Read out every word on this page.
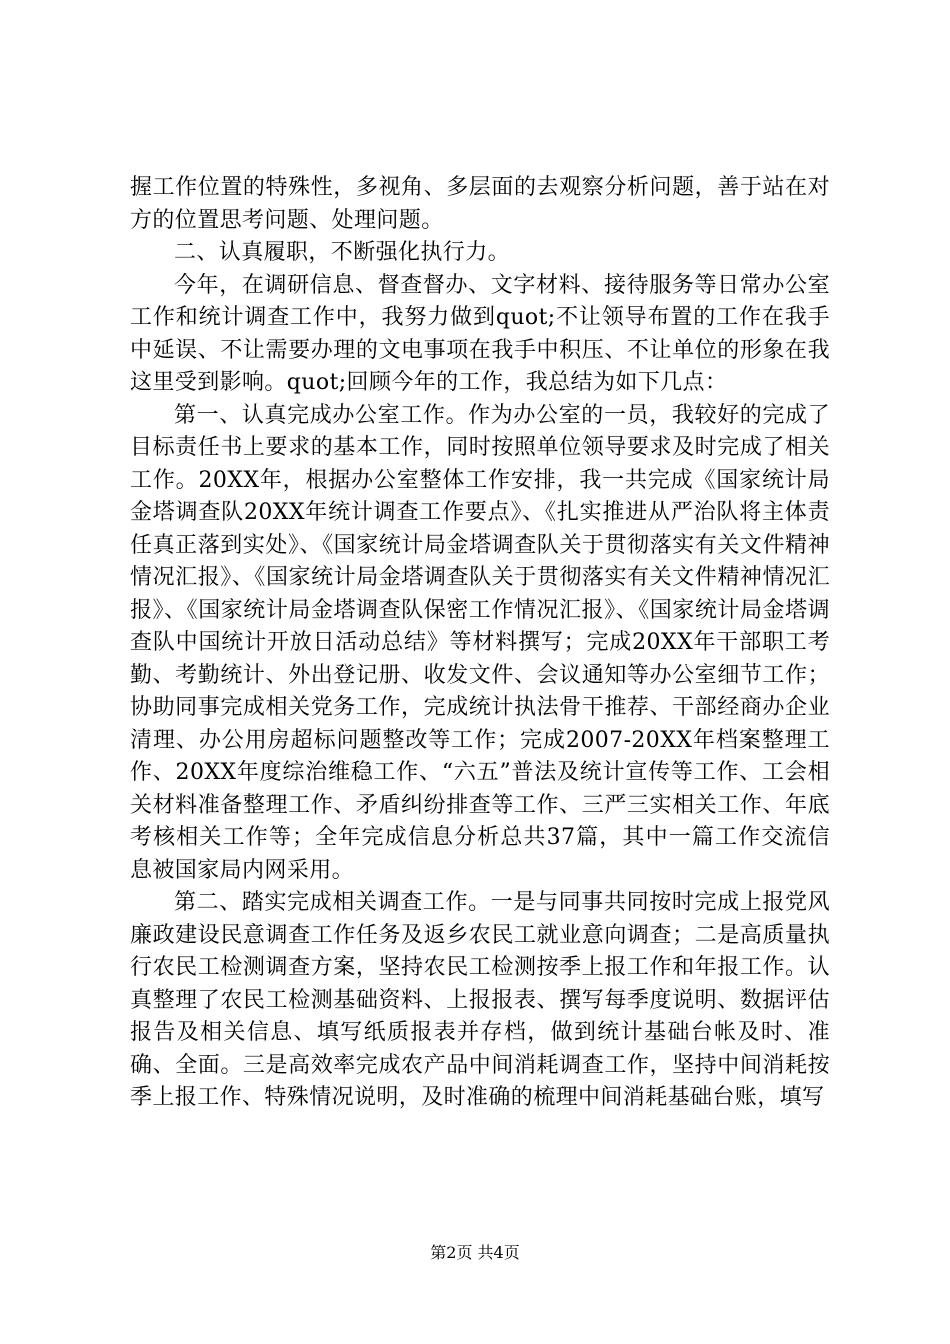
握工作位置的特殊性，多视角、多层面的去观察分析问题，善于站在对方的位置思考问题、处理问题。

二、认真履职，不断强化执行力。

今年，在调研信息、督查督办、文字材料、接待服务等日常办公室工作和统计调查工作中，我努力做到quot;不让领导布置的工作在我手中延误、不让需要办理的文电事项在我手中积压、不让单位的形象在我这里受到影响。quot;回顾今年的工作，我总结为如下几点：

第一、认真完成办公室工作。作为办公室的一员，我较好的完成了目标责任书上要求的基本工作，同时按照单位领导要求及时完成了相关工作。20XX年，根据办公室整体工作安排，我一共完成《国家统计局金塔调查队20XX年统计调查工作要点》、《扎实推进从严治队将主体责任真正落到实处》、《国家统计局金塔调查队关于贯彻落实有关文件精神情况汇报》、《国家统计局金塔调查队关于贯彻落实有关文件精神情况汇报》、《国家统计局金塔调查队保密工作情况汇报》、《国家统计局金塔调查队中国统计开放日活动总结》等材料撰写；完成20XX年干部职工考勤、考勤统计、外出登记册、收发文件、会议通知等办公室细节工作；协助同事完成相关党务工作，完成统计执法骨干推荐、干部经商办企业清理、办公用房超标问题整改等工作；完成2007-20XX年档案整理工作、20XX年度综治维稳工作、“六五”普法及统计宣传等工作、工会相关材料准备整理工作、矛盾纠纷排查等工作、三严三实相关工作、年底考核相关工作等；全年完成信息分析总共37篇，其中一篇工作交流信息被国家局内网采用。

第二、踏实完成相关调查工作。一是与同事共同按时完成上报党风廉政建设民意调查工作任务及返乡农民工就业意向调查；二是高质量执行农民工检测调查方案，坚持农民工检测按季上报工作和年报工作。认真整理了农民工检测基础资料、上报报表、撰写每季度说明、数据评估报告及相关信息、填写纸质报表并存档，做到统计基础台帐及时、准确、全面。三是高效率完成农产品中间消耗调查工作，坚持中间消耗按季上报工作、特殊情况说明，及时准确的梳理中间消耗基础台账，填写

第2页 共4页
